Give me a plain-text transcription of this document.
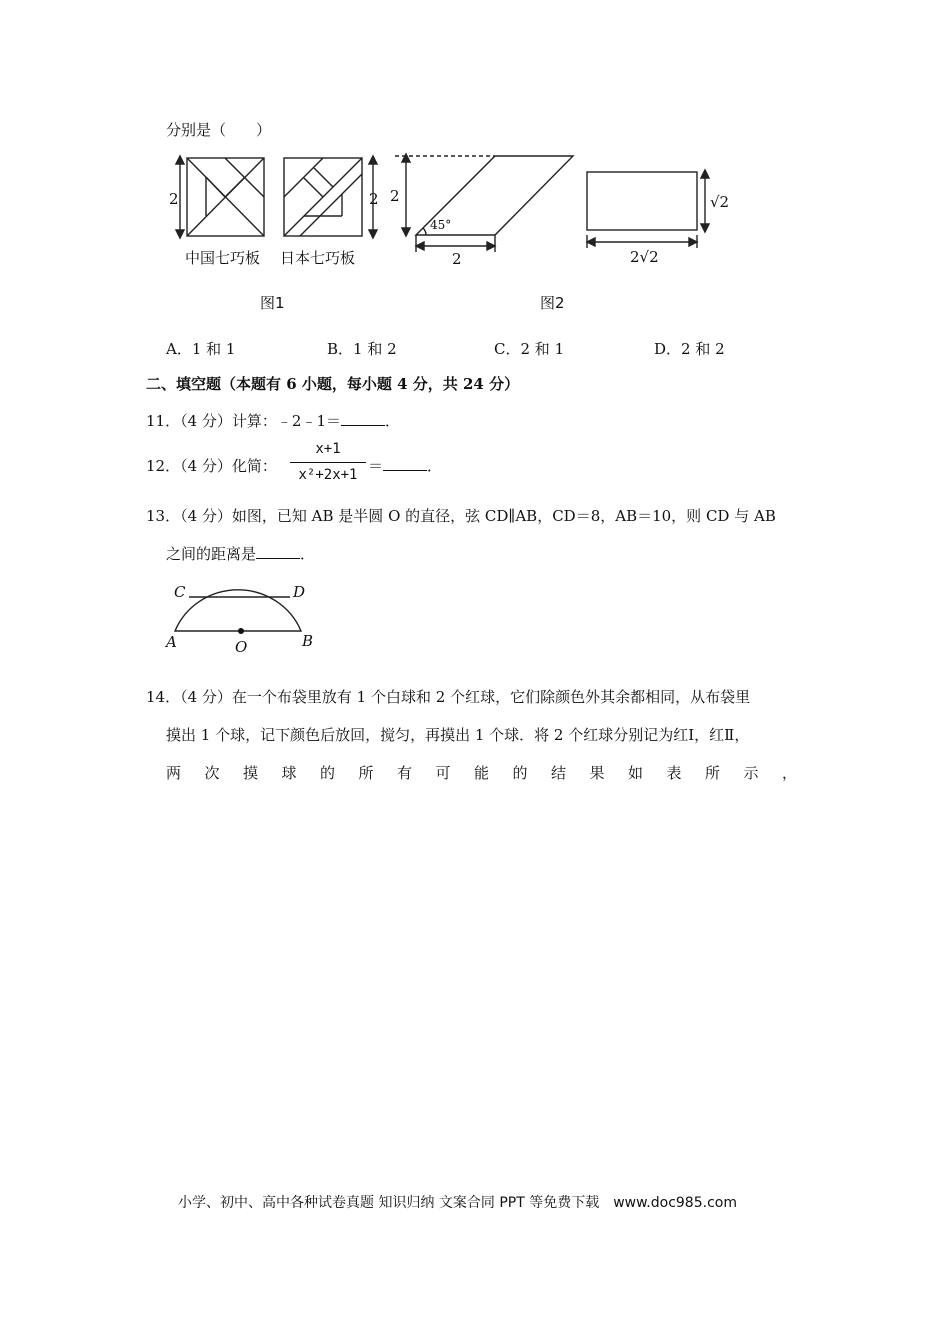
分别是（　　）
2	2
中国七巧板 日本七巧板
图1
2
45°
2
√2
2√2
图2
A．1 和 1	B．1 和 2	C．2 和 1	D．2 和 2
二、填空题（本题有 6 小题，每小题 4 分，共 24 分）
11．（4 分）计算：﹣2﹣1＝	．
12．（4 分）化简：
x+1
x²+2x+1 ＝	．
13．（4 分）如图，已知 AB 是半圆 O 的直径，弦 CD∥AB，CD＝8，AB＝10，则 CD 与 AB
之间的距离是	．
C	D
A	B
O
14．（4 分）在一个布袋里放有 1 个白球和 2 个红球，它们除颜色外其余都相同，从布袋里
摸出 1 个球，记下颜色后放回，搅匀，再摸出 1 个球．将 2 个红球分别记为红Ⅰ，红Ⅱ，
两 次 摸 球 的 所 有 可 能 的 结 果 如 表 所 示 ，
小学、初中、高中各种试卷真题 知识归纳 文案合同 PPT 等免费下载　www.doc985.com
